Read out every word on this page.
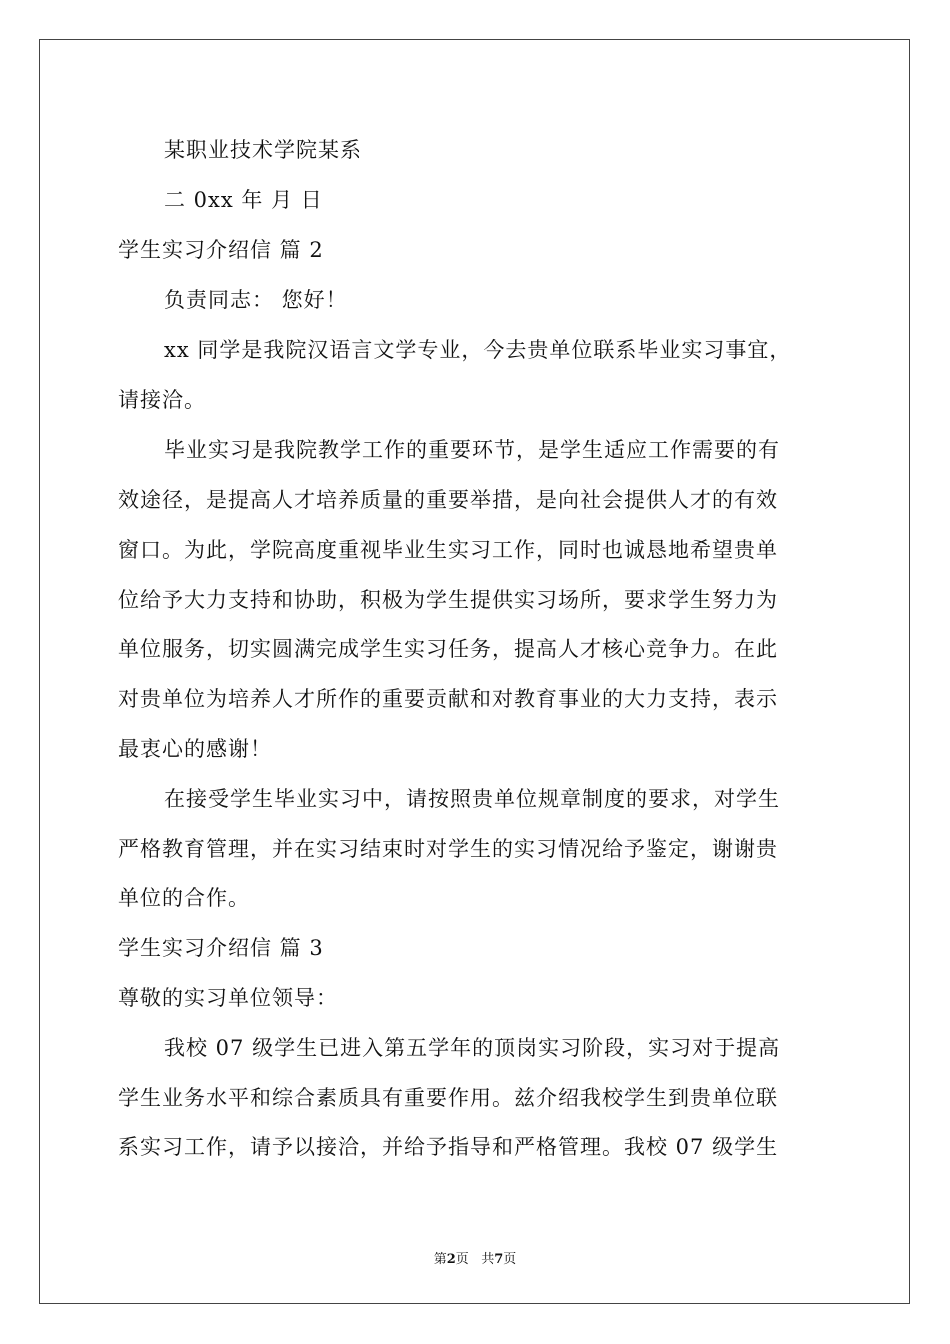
某职业技术学院某系
二 0xx 年 月 日
学生实习介绍信 篇 2
负责同志： 您好！
xx 同学是我院汉语言文学专业，今去贵单位联系毕业实习事宜，
请接洽。
毕业实习是我院教学工作的重要环节，是学生适应工作需要的有
效途径，是提高人才培养质量的重要举措，是向社会提供人才的有效
窗口。为此，学院高度重视毕业生实习工作，同时也诚恳地希望贵单
位给予大力支持和协助，积极为学生提供实习场所，要求学生努力为
单位服务，切实圆满完成学生实习任务，提高人才核心竞争力。在此
对贵单位为培养人才所作的重要贡献和对教育事业的大力支持，表示
最衷心的感谢！
在接受学生毕业实习中，请按照贵单位规章制度的要求，对学生
严格教育管理，并在实习结束时对学生的实习情况给予鉴定，谢谢贵
单位的合作。
学生实习介绍信 篇 3
尊敬的实习单位领导：
我校 07 级学生已进入第五学年的顶岗实习阶段，实习对于提高
学生业务水平和综合素质具有重要作用。兹介绍我校学生到贵单位联
系实习工作，请予以接洽，并给予指导和严格管理。我校 07 级学生
第2页 共7页
